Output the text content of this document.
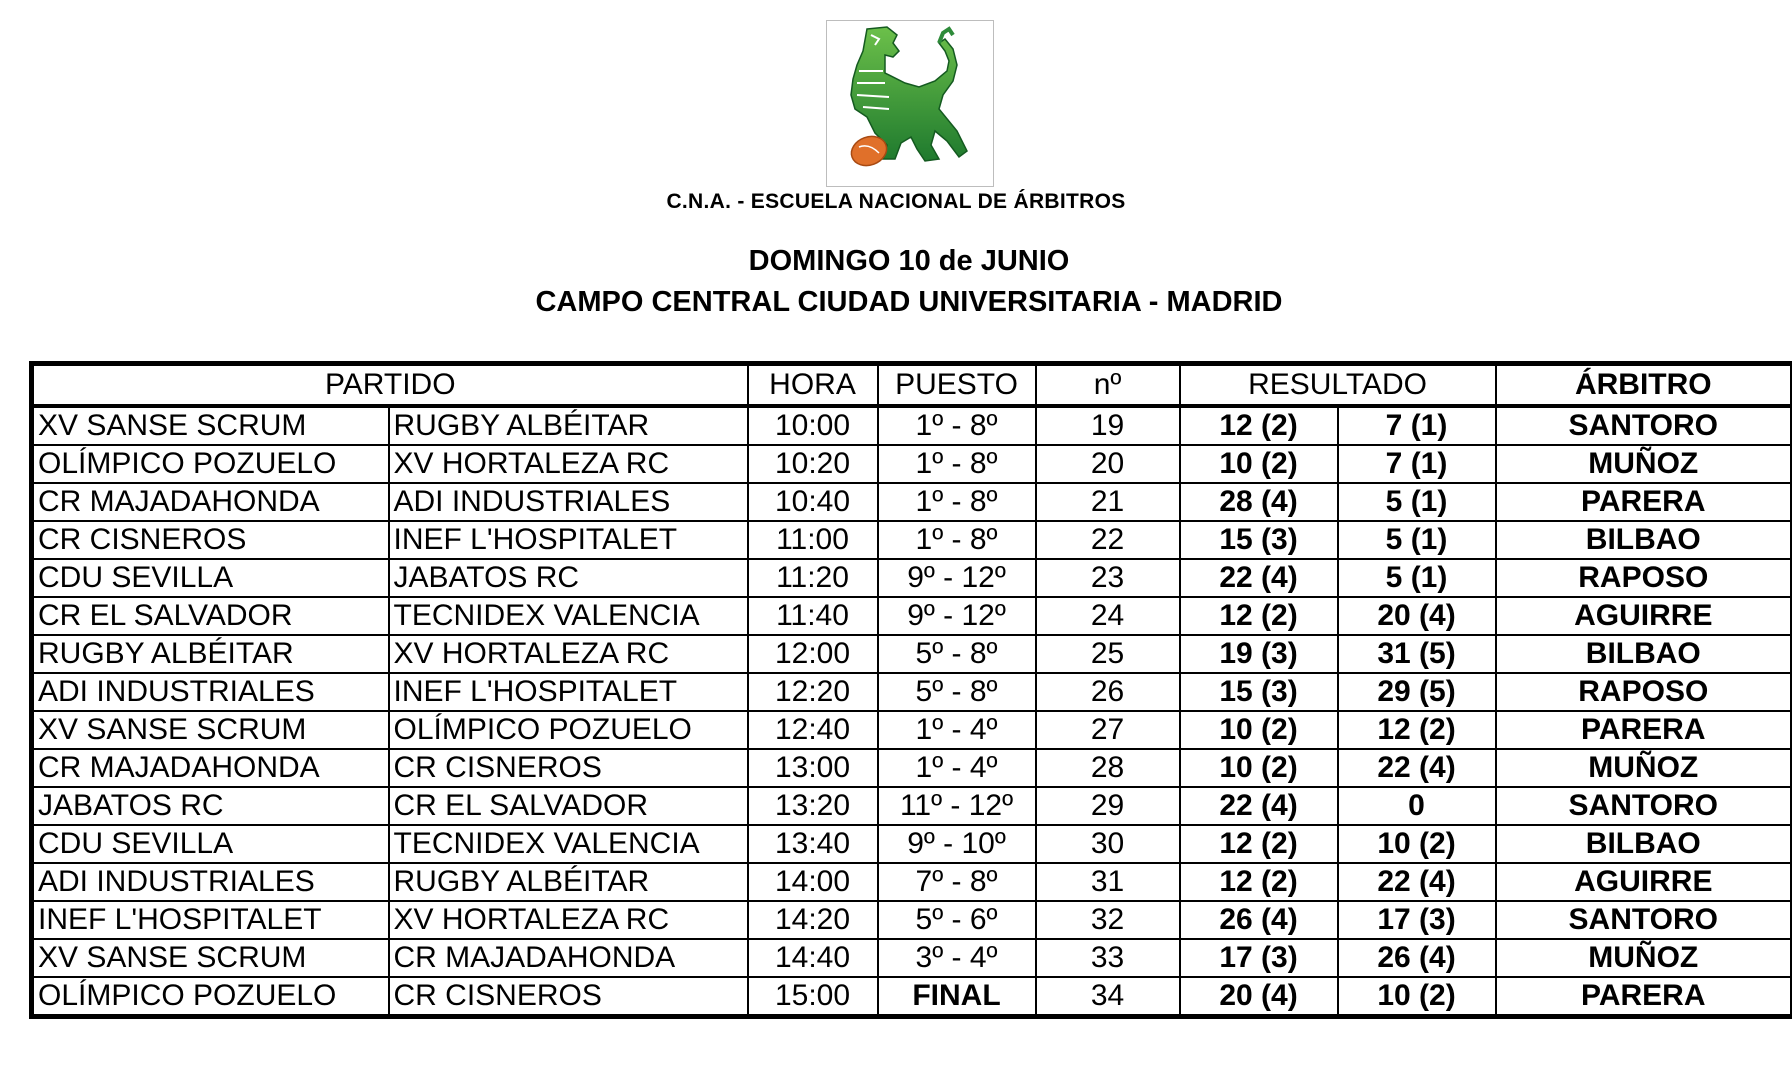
C.N.A. - ESCUELA NACIONAL DE ÁRBITROS
DOMINGO 10 de JUNIO
CAMPO CENTRAL CIUDAD UNIVERSITARIA - MADRID
PARTIDO		HORA	PUESTO	nº	RESULTADO		ÁRBITRO
XV SANSE SCRUM	RUGBY ALBÉITAR	10:00	1º - 8º	19	12 (2)	7 (1)	SANTORO
OLÍMPICO POZUELO	XV HORTALEZA RC	10:20	1º - 8º	20	10 (2)	7 (1)	MUÑOZ
CR MAJADAHONDA	ADI INDUSTRIALES	10:40	1º - 8º	21	28 (4)	5 (1)	PARERA
CR CISNEROS	INEF L'HOSPITALET	11:00	1º - 8º	22	15 (3)	5 (1)	BILBAO
CDU SEVILLA	JABATOS RC	11:20	9º - 12º	23	22 (4)	5 (1)	RAPOSO
CR EL SALVADOR	TECNIDEX VALENCIA	11:40	9º - 12º	24	12 (2)	20 (4)	AGUIRRE
RUGBY ALBÉITAR	XV HORTALEZA RC	12:00	5º - 8º	25	19 (3)	31 (5)	BILBAO
ADI INDUSTRIALES	INEF L'HOSPITALET	12:20	5º - 8º	26	15 (3)	29 (5)	RAPOSO
XV SANSE SCRUM	OLÍMPICO POZUELO	12:40	1º - 4º	27	10 (2)	12 (2)	PARERA
CR MAJADAHONDA	CR CISNEROS	13:00	1º - 4º	28	10 (2)	22 (4)	MUÑOZ
JABATOS RC	CR EL SALVADOR	13:20	11º - 12º	29	22 (4)	0	SANTORO
CDU SEVILLA	TECNIDEX VALENCIA	13:40	9º - 10º	30	12 (2)	10 (2)	BILBAO
ADI INDUSTRIALES	RUGBY ALBÉITAR	14:00	7º - 8º	31	12 (2)	22 (4)	AGUIRRE
INEF L'HOSPITALET	XV HORTALEZA RC	14:20	5º - 6º	32	26 (4)	17 (3)	SANTORO
XV SANSE SCRUM	CR MAJADAHONDA	14:40	3º - 4º	33	17 (3)	26 (4)	MUÑOZ
OLÍMPICO POZUELO	CR CISNEROS	15:00	FINAL	34	20 (4)	10 (2)	PARERA
